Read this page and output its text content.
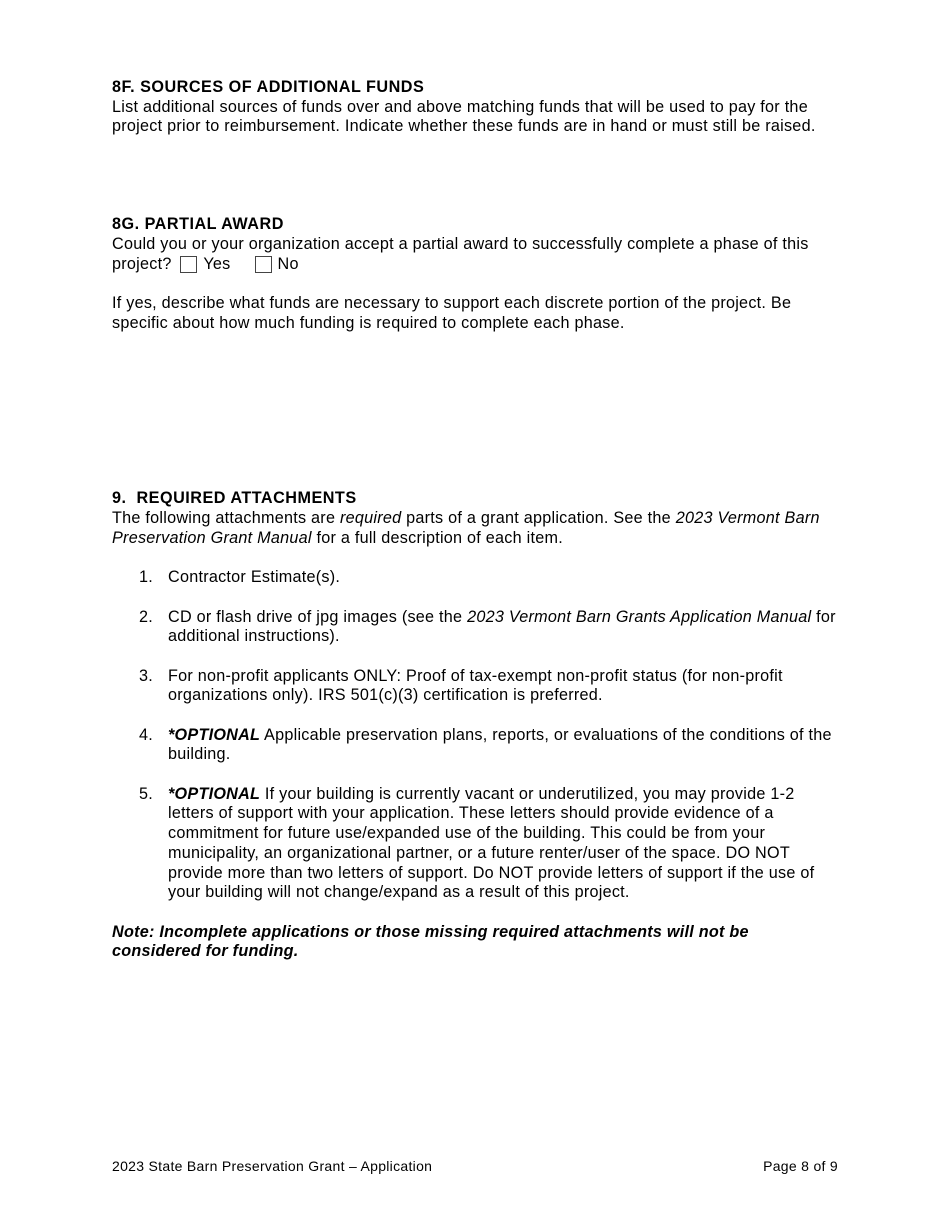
8F. SOURCES OF ADDITIONAL FUNDS

List additional sources of funds over and above matching funds that will be used to pay for the project prior to reimbursement. Indicate whether these funds are in hand or must still be raised.

8G. PARTIAL AWARD

Could you or your organization accept a partial award to successfully complete a phase of this project? Yes	No

If yes, describe what funds are necessary to support each discrete portion of the project. Be specific about how much funding is required to complete each phase.

9.  REQUIRED ATTACHMENTS

The following attachments are required parts of a grant application. See the 2023 Vermont Barn Preservation Grant Manual for a full description of each item.

1. Contractor Estimate(s).
2. CD or flash drive of jpg images (see the 2023 Vermont Barn Grants Application Manual for additional instructions).
3. For non-profit applicants ONLY: Proof of tax-exempt non-profit status (for non-profit organizations only). IRS 501(c)(3) certification is preferred.
4. *OPTIONAL Applicable preservation plans, reports, or evaluations of the conditions of the building.
5. *OPTIONAL If your building is currently vacant or underutilized, you may provide 1-2 letters of support with your application. These letters should provide evidence of a commitment for future use/expanded use of the building. This could be from your municipality, an organizational partner, or a future renter/user of the space. DO NOT provide more than two letters of support. Do NOT provide letters of support if the use of your building will not change/expand as a result of this project.

Note: Incomplete applications or those missing required attachments will not be considered for funding.

2023 State Barn Preservation Grant – Application	Page 8 of 9
